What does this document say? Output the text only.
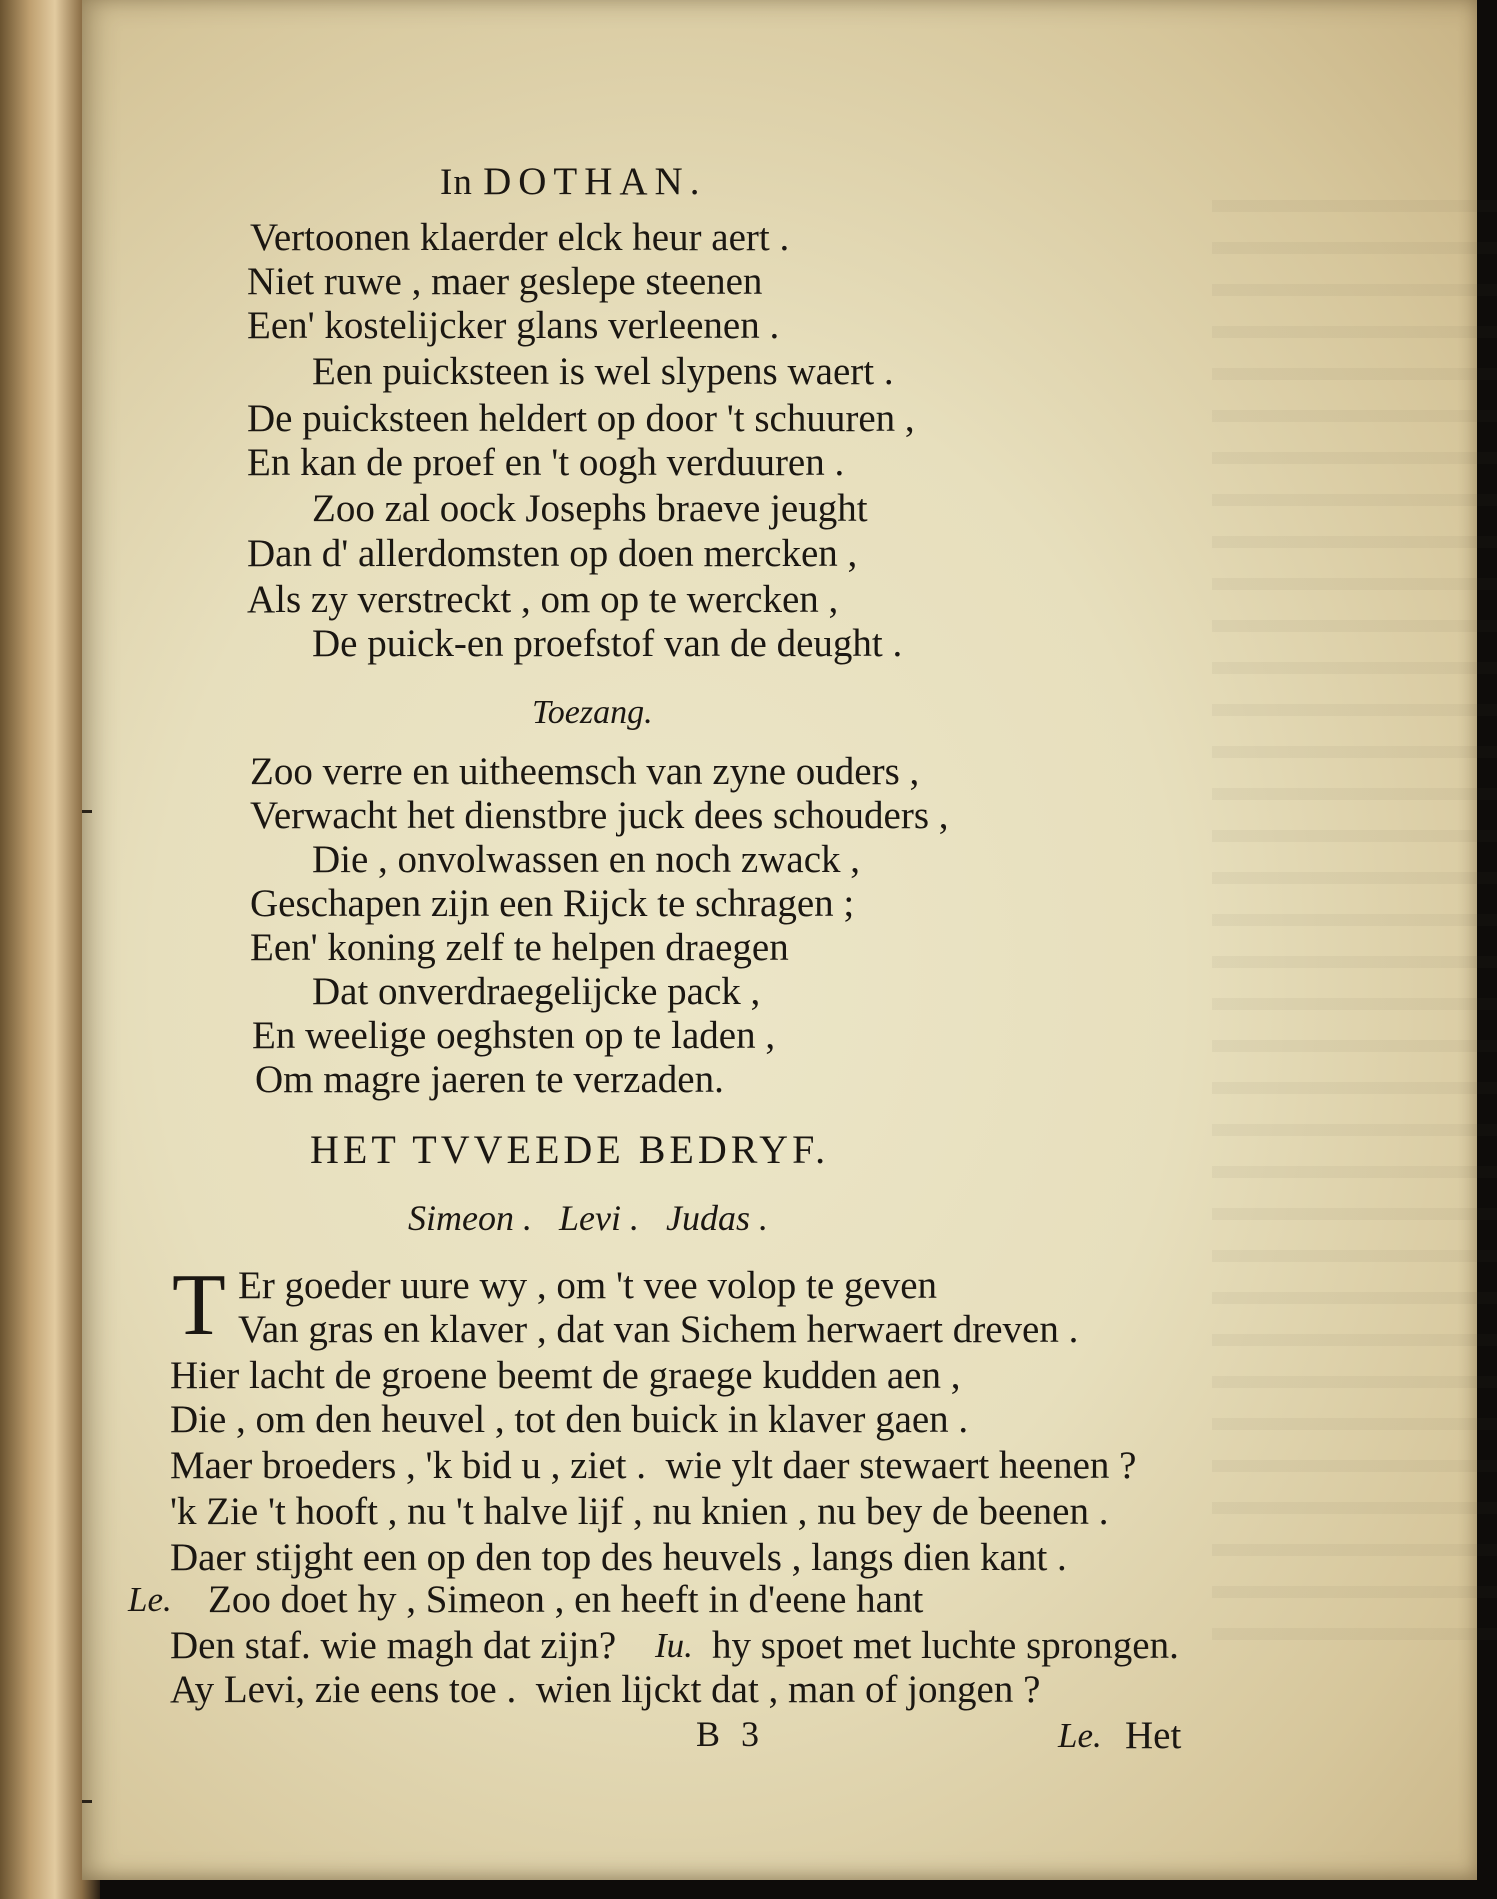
In DOTHAN.
Vertoonen klaerder elck heur aert .
Niet ruwe , maer geslepe steenen
Een' kostelijcker glans verleenen .
Een puicksteen is wel slypens waert .
De puicksteen heldert op door 't schuuren ,
En kan de proef en 't oogh verduuren .
Zoo zal oock Josephs braeve jeught
Dan d' allerdomsten op doen mercken ,
Als zy verstreckt , om op te wercken ,
De puick-en proefstof van de deught .
Toezang.
Zoo verre en uitheemsch van zyne ouders ,
Verwacht het dienstbre juck dees schouders ,
Die , onvolwassen en noch zwack ,
Geschapen zijn een Rijck te schragen ;
Een' koning zelf te helpen draegen
Dat onverdraegelijcke pack ,
En weelige oeghsten op te laden ,
Om magre jaeren te verzaden.
HET TVVEEDE BEDRYF.
Simeon .   Levi .   Judas .
T Er goeder uure wy , om 't vee volop te geven
Van gras en klaver , dat van Sichem herwaert dreven .
Hier lacht de groene beemt de graege kudden aen ,
Die , om den heuvel , tot den buick in klaver gaen .
Maer broeders , 'k bid u , ziet .  wie ylt daer stewaert heenen ?
'k Zie 't hooft , nu 't halve lijf , nu knien , nu bey de beenen .
Daer stijght een op den top des heuvels , langs dien kant .
Le. Zoo doet hy , Simeon , en heeft in d'eene hant
Den staf. wie magh dat zijn? Iu. hy spoet met luchte sprongen.
Ay Levi, zie eens toe .  wien lijckt dat , man of jongen ?
B 3	Le. Het
